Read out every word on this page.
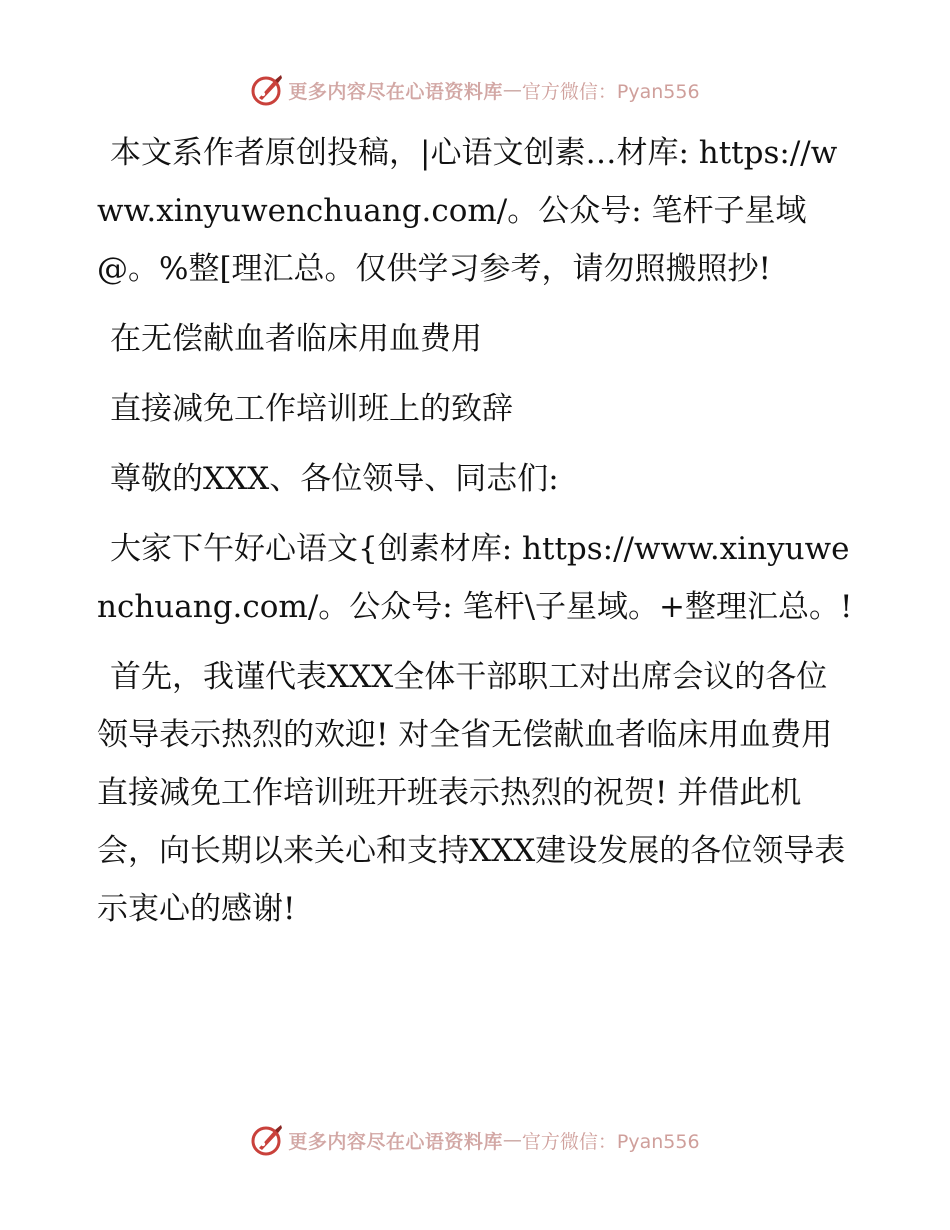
更多内容尽在心语资料库 — 官方微信：Pyan556

本文系作者原创投稿，|心语文创素…材库: https://www.xinyuwenchuang.com/。公众号: 笔杆子星域@。%整[理汇总。仅供学习参考，请勿照搬照抄!

在无偿献血者临床用血费用

直接减免工作培训班上的致辞

尊敬的XXX、各位领导、同志们:

大家下午好心语文{创素材库: https://www.xinyuwenchuang.com/。公众号: 笔杆\子星域。+整理汇总。!

首先，我谨代表XXX全体干部职工对出席会议的各位领导表示热烈的欢迎! 对全省无偿献血者临床用血费用直接减免工作培训班开班表示热烈的祝贺! 并借此机会，向长期以来关心和支持XXX建设发展的各位领导表示衷心的感谢!

更多内容尽在心语资料库 — 官方微信：Pyan556
